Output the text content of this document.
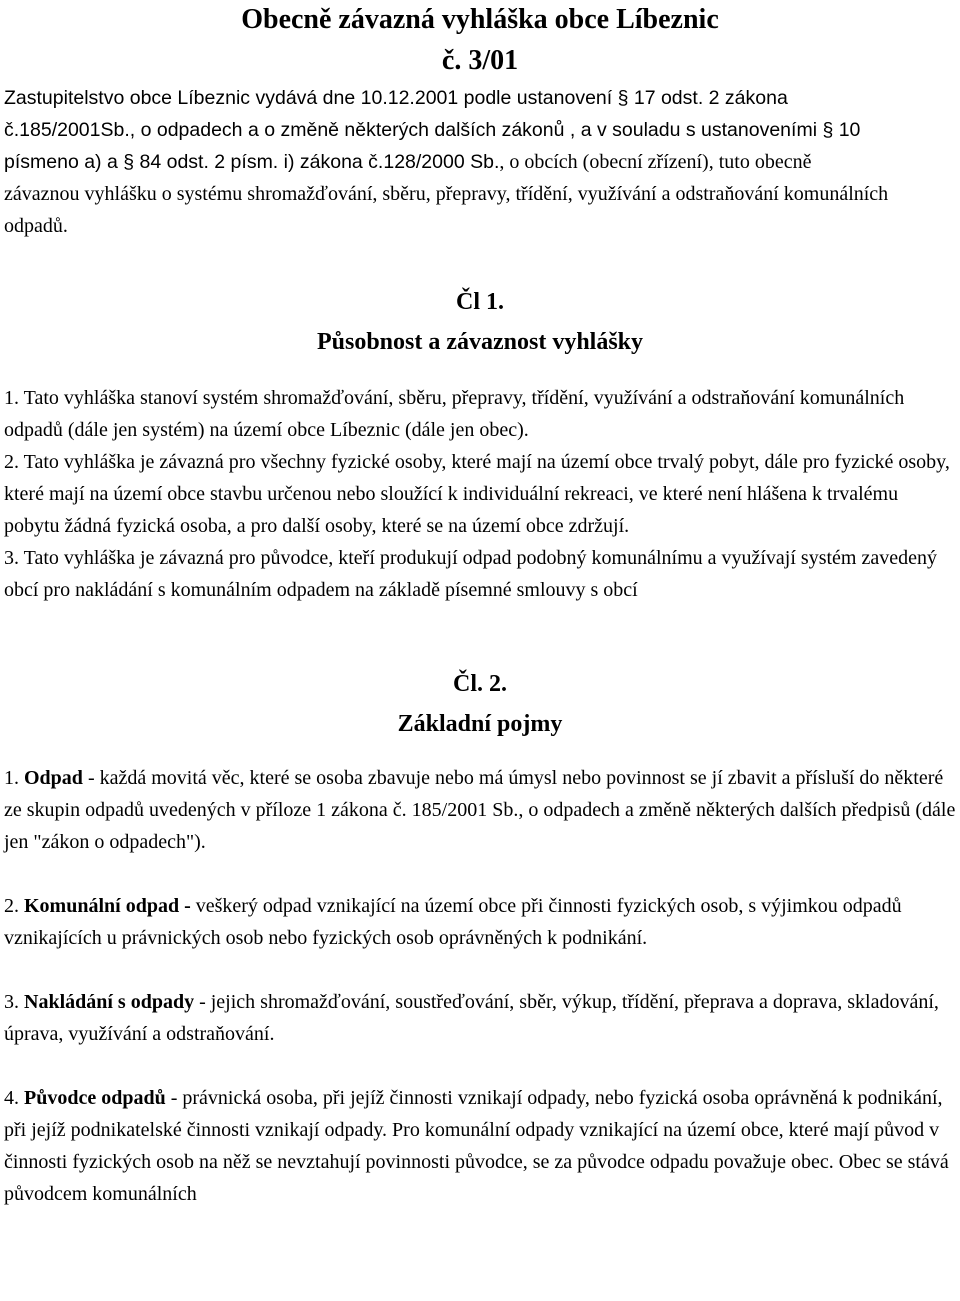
Obecně závazná vyhláška obce Líbeznic
č. 3/01
Zastupitelstvo obce Líbeznic vydává dne 10.12.2001 podle ustanovení § 17 odst. 2 zákona
č.185/2001Sb., o odpadech a o změně některých dalších zákonů , a v souladu s ustanoveními § 10
písmeno a) a § 84 odst. 2 písm. i) zákona č.128/2000 Sb., o obcích (obecní zřízení), tuto obecně
závaznou vyhlášku o systému shromažďování, sběru, přepravy, třídění, využívání a odstraňování komunálních odpadů.
Čl 1.
Působnost a závaznost vyhlášky

1. Tato vyhláška stanoví systém shromažďování, sběru, přepravy, třídění, využívání a odstraňování komunálních odpadů (dále jen systém) na území obce Líbeznic (dále jen obec).

2. Tato vyhláška je závazná pro všechny fyzické osoby, které mají na území obce trvalý pobyt, dále pro fyzické osoby, které mají na území obce stavbu určenou nebo sloužící k individuální rekreaci, ve které není hlášena k trvalému pobytu žádná fyzická osoba, a pro další osoby, které se na území obce zdržují.

3. Tato vyhláška je závazná pro původce, kteří produkují odpad podobný komunálnímu a využívají systém zavedený obcí pro nakládání s komunálním odpadem na základě písemné smlouvy s obcí

Čl. 2.
Základní pojmy

1. Odpad - každá movitá věc, které se osoba zbavuje nebo má úmysl nebo povinnost se jí zbavit a přísluší do některé ze skupin odpadů uvedených v příloze 1 zákona č. 185/2001 Sb., o odpadech a změně některých dalších předpisů (dále jen "zákon o odpadech").

2. Komunální odpad - veškerý odpad vznikající na území obce při činnosti fyzických osob, s výjimkou odpadů vznikajících u právnických osob nebo fyzických osob oprávněných k podnikání.

3. Nakládání s odpady - jejich shromažďování, soustřeďování, sběr, výkup, třídění, přeprava a doprava, skladování, úprava, využívání a odstraňování.

4. Původce odpadů - právnická osoba, při jejíž činnosti vznikají odpady, nebo fyzická osoba oprávněná k podnikání, při jejíž podnikatelské činnosti vznikají odpady. Pro komunální odpady vznikající na území obce, které mají původ v činnosti fyzických osob na něž se nevztahují povinnosti původce, se za původce odpadu považuje obec. Obec se stává původcem komunálních
